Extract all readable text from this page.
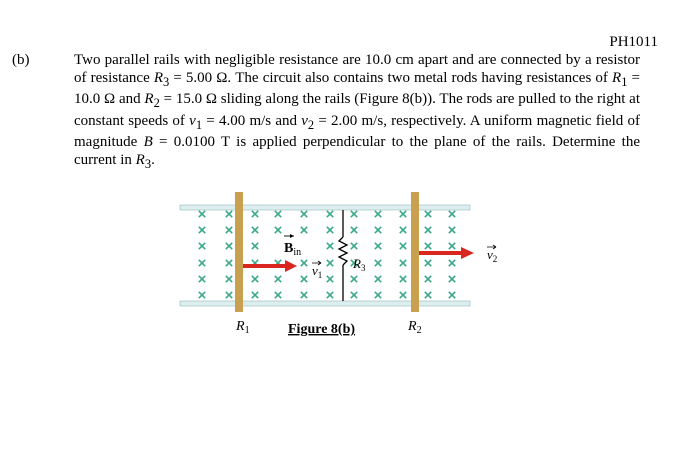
PH1011
(b)	Two parallel rails with negligible resistance are 10.0 cm apart and are connected by a resistor of resistance $R_3 = 5.00$ Ω. The circuit also contains two metal rods having resistances of $R_1 = 10.0$ Ω and $R_2 = 15.0$ Ω sliding along the rails (Figure 8(b)). The rods are pulled to the right at constant speeds of $v_1 = 4.00$ m/s and $v_2 = 2.00$ m/s, respectively. A uniform magnetic field of magnitude B = 0.0100 T is applied perpendicular to the plane of the rails. Determine the current in $R_3$.
$R_1$	$R_2$
Figure 8(b)
$R_3$
$B_{in}$
$v_1$
$v_2$
